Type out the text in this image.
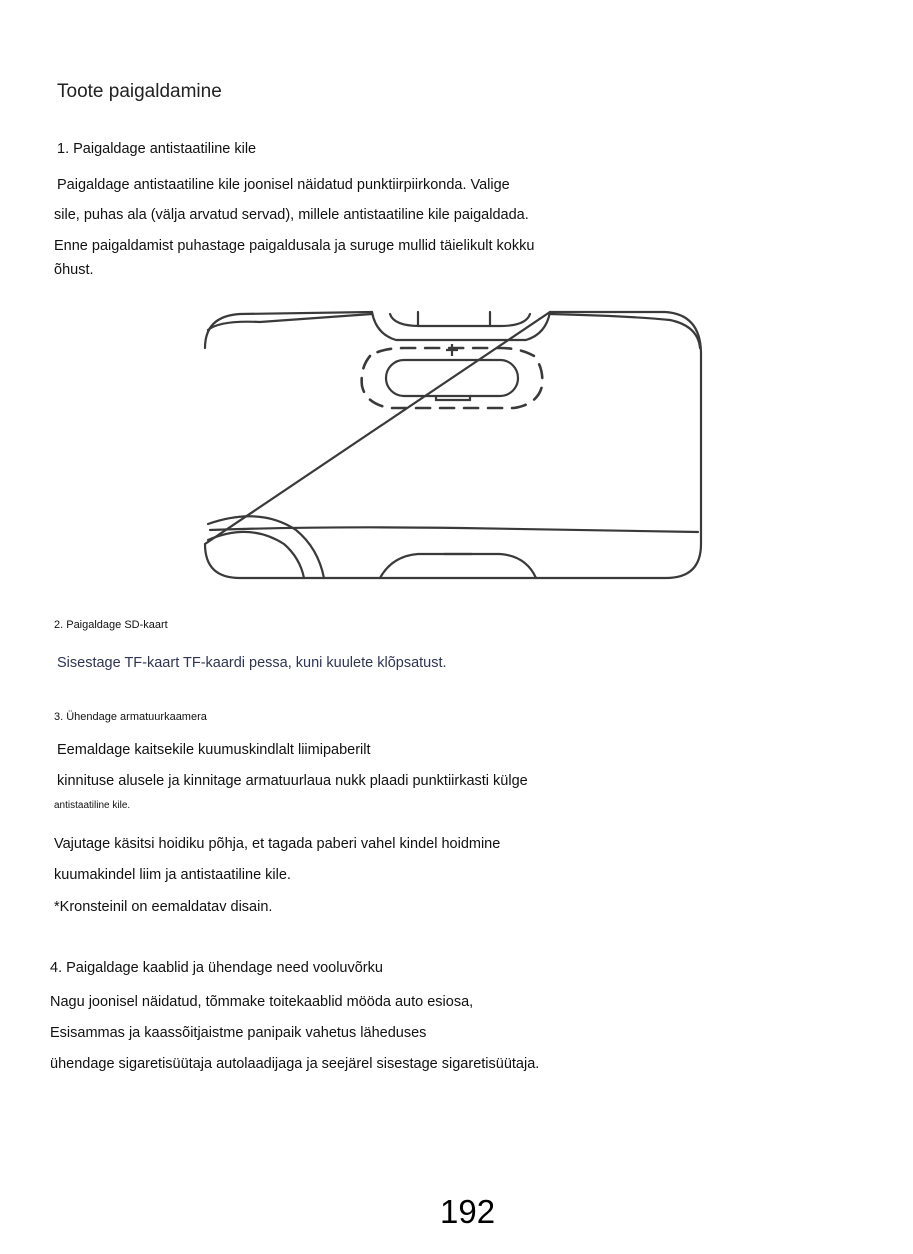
Toote paigaldamine
1. Paigaldage antistaatiline kile
Paigaldage antistaatiline kile joonisel näidatud punktiirpiirkonda. Valige
sile, puhas ala (välja arvatud servad), millele antistaatiline kile paigaldada.
Enne paigaldamist puhastage paigaldusala ja suruge mullid täielikult kokku
õhust.
2. Paigaldage SD-kaart
Sisestage TF-kaart TF-kaardi pessa, kuni kuulete klõpsatust.
3. Ühendage armatuurkaamera
Eemaldage kaitsekile kuumuskindlalt liimipaberilt
kinnituse alusele ja kinnitage armatuurlaua nukk plaadi punktiirkasti külge
antistaatiline kile.
Vajutage käsitsi hoidiku põhja, et tagada paberi vahel kindel hoidmine
kuumakindel liim ja antistaatiline kile.
*Kronsteinil on eemaldatav disain.
4. Paigaldage kaablid ja ühendage need vooluvõrku
Nagu joonisel näidatud, tõmmake toitekaablid mööda auto esiosa,
Esisammas ja kaassõitjaistme panipaik vahetus läheduses
ühendage sigaretisüütaja autolaadijaga ja seejärel sisestage sigaretisüütaja.
192
